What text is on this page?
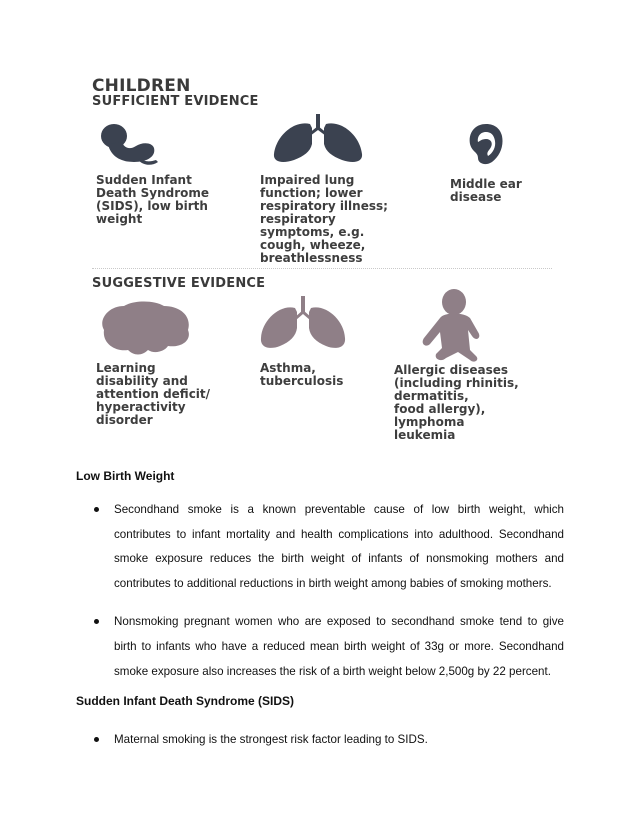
CHILDREN

SUFFICIENT EVIDENCE

Sudden Infant
Death Syndrome
(SIDS), low birth
weight

Impaired lung
function; lower
respiratory illness;
respiratory
symptoms, e.g.
cough, wheeze,
breathlessness

Middle ear
disease

SUGGESTIVE EVIDENCE

Learning
disability and
attention deficit/
hyperactivity
disorder

Asthma,
tuberculosis

Allergic diseases
(including rhinitis,
dermatitis,
food allergy),
lymphoma
leukemia

Low Birth Weight

Secondhand smoke is a known preventable cause of low birth weight, which contributes to infant mortality and health complications into adulthood. Secondhand smoke exposure reduces the birth weight of infants of nonsmoking mothers and contributes to additional reductions in birth weight among babies of smoking mothers.
Nonsmoking pregnant women who are exposed to secondhand smoke tend to give birth to infants who have a reduced mean birth weight of 33g or more. Secondhand smoke exposure also increases the risk of a birth weight below 2,500g by 22 percent.

Sudden Infant Death Syndrome (SIDS)

Maternal smoking is the strongest risk factor leading to SIDS.
